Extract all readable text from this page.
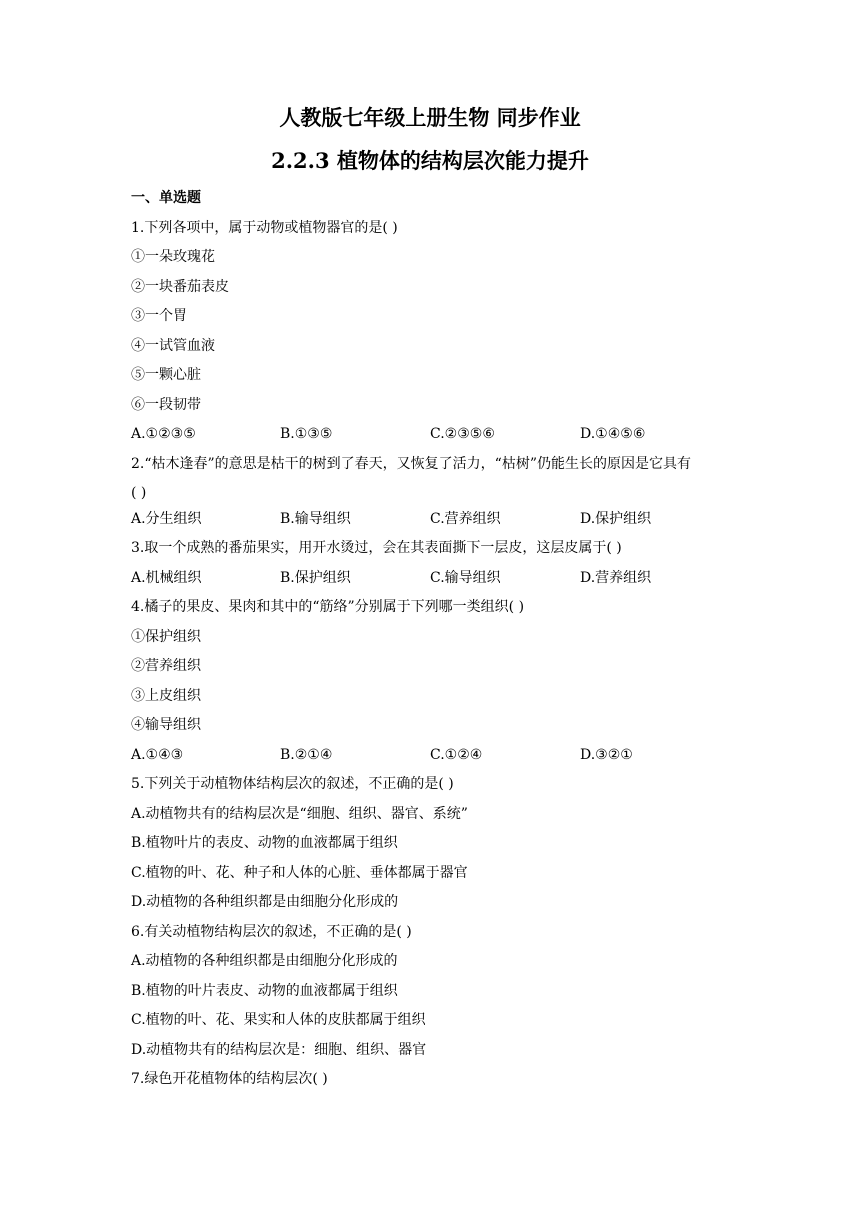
人教版七年级上册生物 同步作业
2.2.3 植物体的结构层次能力提升
一、单选题
1.下列各项中，属于动物或植物器官的是( )
①一朵玫瑰花
②一块番茄表皮
③一个胃
④一试管血液
⑤一颗心脏
⑥一段韧带
A.①②③⑤	B.①③⑤	C.②③⑤⑥	D.①④⑤⑥
2.“枯木逢春”的意思是枯干的树到了春天，又恢复了活力，“枯树”仍能生长的原因是它具有
( )
A.分生组织	B.输导组织	C.营养组织	D.保护组织
3.取一个成熟的番茄果实，用开水烫过，会在其表面撕下一层皮，这层皮属于( )
A.机械组织	B.保护组织	C.输导组织	D.营养组织
4.橘子的果皮、果肉和其中的“筋络”分别属于下列哪一类组织( )
①保护组织
②营养组织
③上皮组织
④输导组织
A.①④③	B.②①④	C.①②④	D.③②①
5.下列关于动植物体结构层次的叙述，不正确的是( )
A.动植物共有的结构层次是“细胞、组织、器官、系统”
B.植物叶片的表皮、动物的血液都属于组织
C.植物的叶、花、种子和人体的心脏、垂体都属于器官
D.动植物的各种组织都是由细胞分化形成的
6.有关动植物结构层次的叙述，不正确的是( )
A.动植物的各种组织都是由细胞分化形成的
B.植物的叶片表皮、动物的血液都属于组织
C.植物的叶、花、果实和人体的皮肤都属于组织
D.动植物共有的结构层次是：细胞、组织、器官
7.绿色开花植物体的结构层次( )
